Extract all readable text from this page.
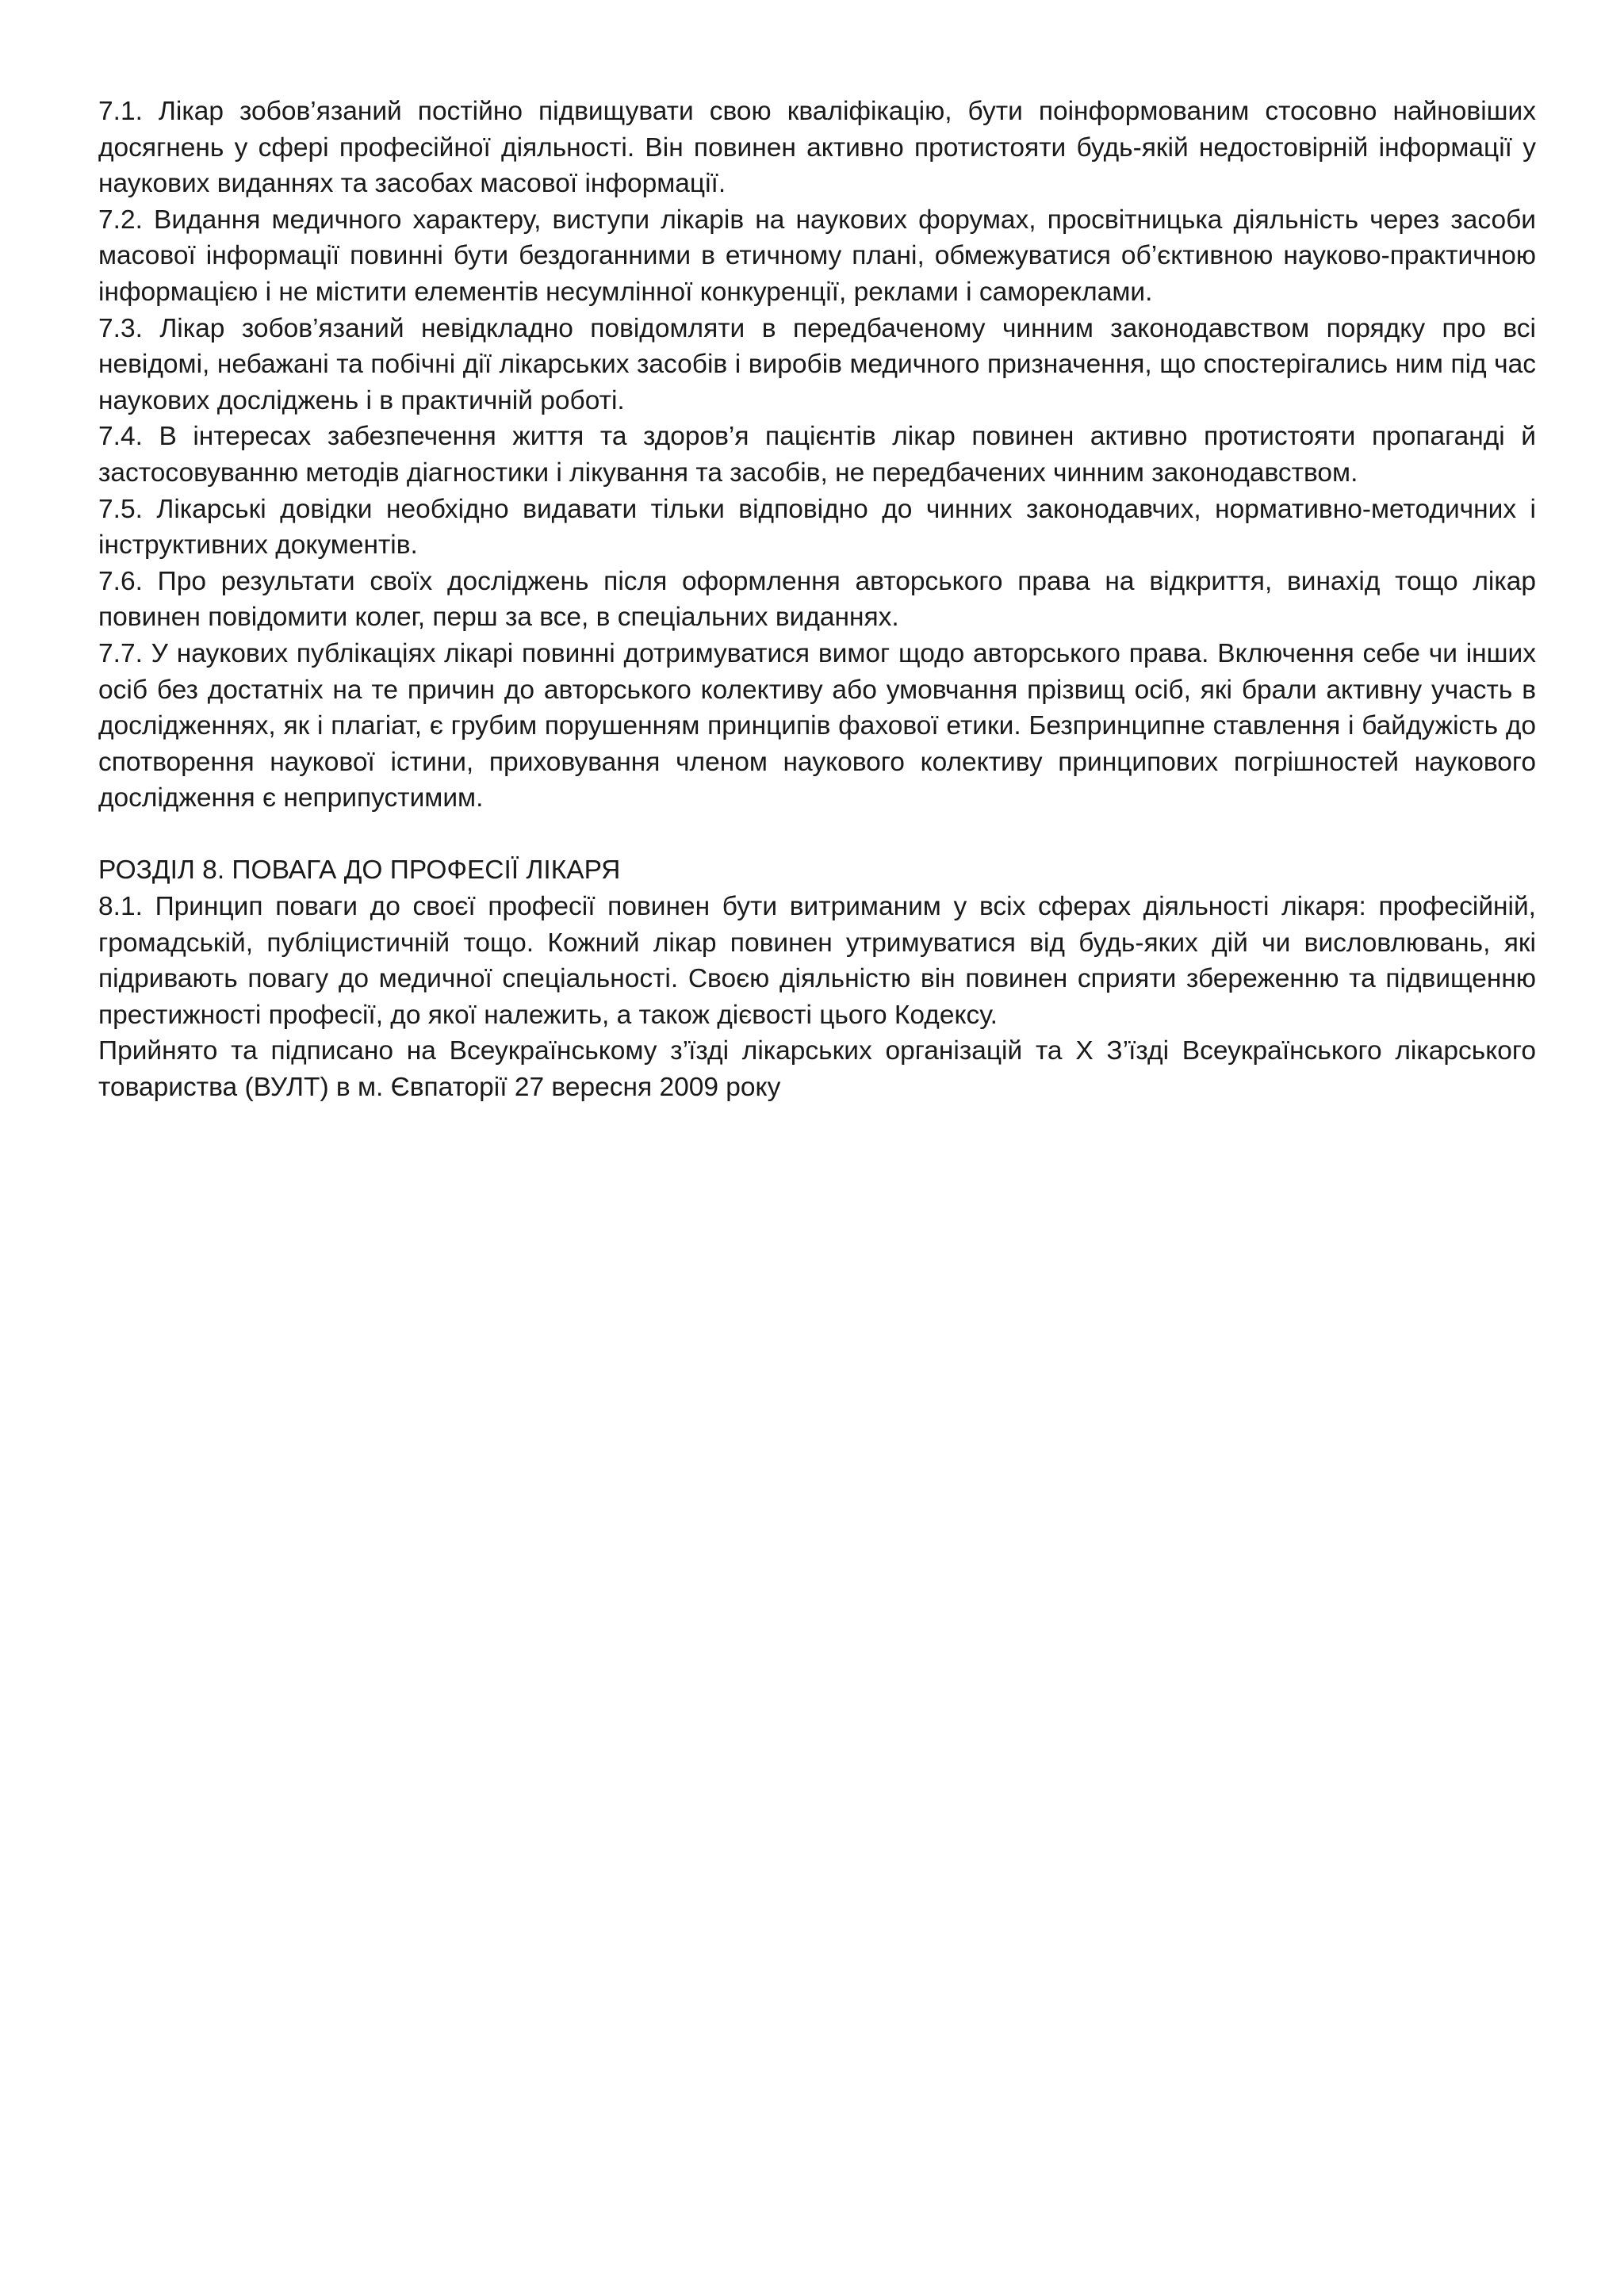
7.1. Лікар зобов’язаний постійно підвищувати свою кваліфікацію, бути поінформованим стосовно найновіших досягнень у сфері професійної діяльності. Він повинен активно протистояти будь-якій недостовірній інформації у наукових виданнях та засобах масової інформації.

7.2. Видання медичного характеру, виступи лікарів на наукових форумах, просвітницька діяльність через засоби масової інформації повинні бути бездоганними в етичному плані, обмежуватися об’єктивною науково-практичною інформацією і не містити елементів несумлінної конкуренції, реклами і самореклами.

7.3. Лікар зобов’язаний невідкладно повідомляти в передбаченому чинним законодавством порядку про всі невідомі, небажані та побічні дії лікарських засобів і виробів медичного призначення, що спостерігались ним під час наукових досліджень і в практичній роботі.

7.4. В інтересах забезпечення життя та здоров’я пацієнтів лікар повинен активно протистояти пропаганді й застосовуванню методів діагностики і лікування та засобів, не передбачених чинним законодавством.

7.5. Лікарські довідки необхідно видавати тільки відповідно до чинних законодавчих, нормативно-методичних і інструктивних документів.

7.6. Про результати своїх досліджень після оформлення авторського права на відкриття, винахід тощо лікар повинен повідомити колег, перш за все, в спеціальних виданнях.

7.7. У наукових публікаціях лікарі повинні дотримуватися вимог щодо авторського права. Включення себе чи інших осіб без достатніх на те причин до авторського колективу або умовчання прізвищ осіб, які брали активну участь в дослідженнях, як і плагіат, є грубим порушенням принципів фахової етики. Безпринципне ставлення і байдужість до спотворення наукової істини, приховування членом наукового колективу принципових погрішностей наукового дослідження є неприпустимим.

РОЗДІЛ 8. ПОВАГА ДО ПРОФЕСІЇ ЛІКАРЯ

8.1. Принцип поваги до своєї професії повинен бути витриманим у всіх сферах діяльності лікаря: професійній, громадській, публіцистичній тощо. Кожний лікар повинен утримуватися від будь-яких дій чи висловлювань, які підривають повагу до медичної спеціальності. Своєю діяльністю він повинен сприяти збереженню та підвищенню престижності професії, до якої належить, а також дієвості цього Кодексу.

Прийнято та підписано на Всеукраїнському з’їзді лікарських організацій та X З’їзді Всеукраїнського лікарського товариства (ВУЛТ) в м. Євпаторії 27 вересня 2009 року
